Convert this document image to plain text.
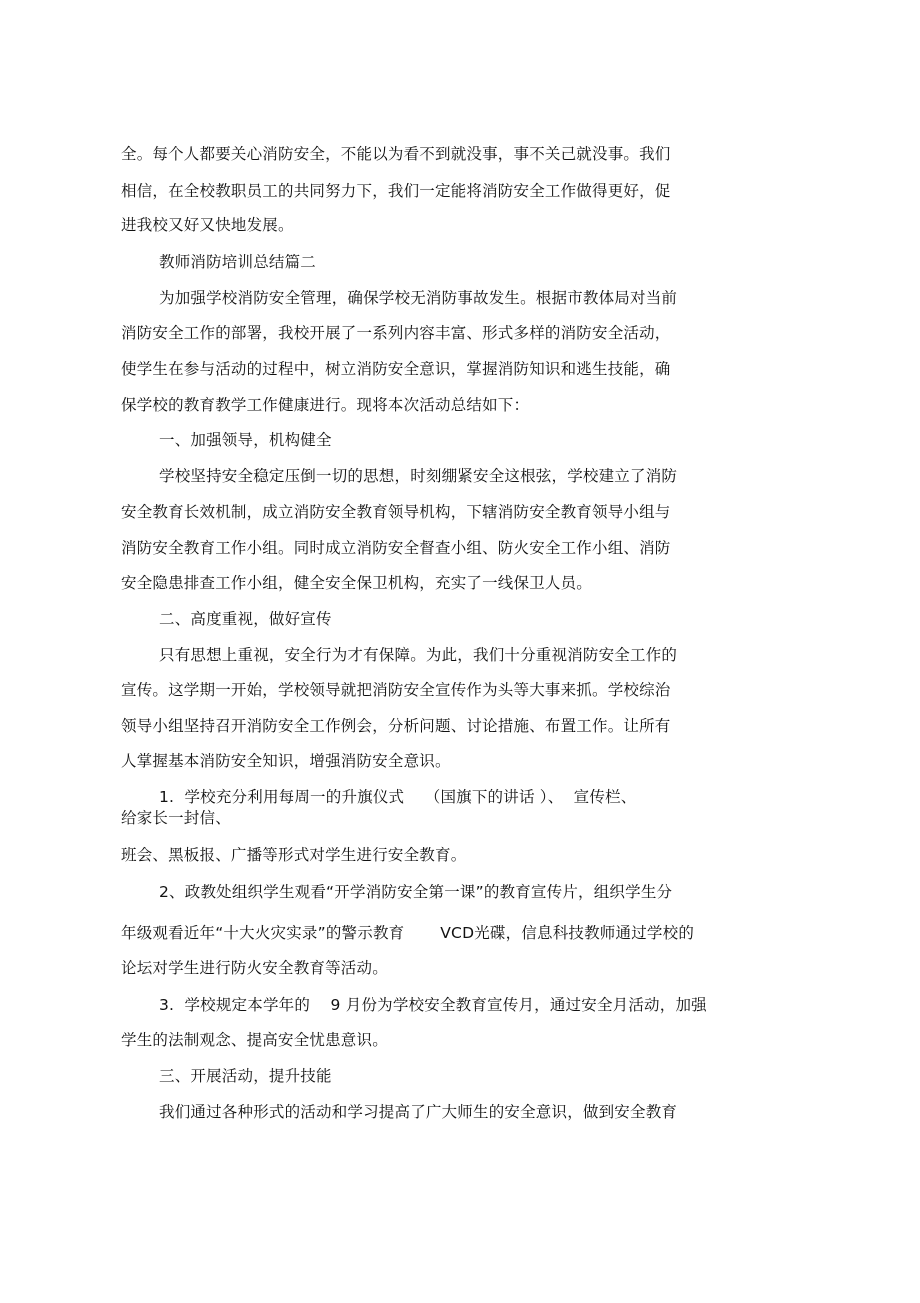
全。每个人都要关心消防安全，不能以为看不到就没事，事不关己就没事。我们
相信，在全校教职员工的共同努力下，我们一定能将消防安全工作做得更好，促
进我校又好又快地发展。
教师消防培训总结篇二
为加强学校消防安全管理，确保学校无消防事故发生。根据市教体局对当前
消防安全工作的部署，我校开展了一系列内容丰富、形式多样的消防安全活动，
使学生在参与活动的过程中，树立消防安全意识，掌握消防知识和逃生技能，确
保学校的教育教学工作健康进行。现将本次活动总结如下：
一、加强领导，机构健全
学校坚持安全稳定压倒一切的思想，时刻绷紧安全这根弦，学校建立了消防
安全教育长效机制，成立消防安全教育领导机构，下辖消防安全教育领导小组与
消防安全教育工作小组。同时成立消防安全督查小组、防火安全工作小组、消防
安全隐患排查工作小组，健全安全保卫机构，充实了一线保卫人员。
二、高度重视，做好宣传
只有思想上重视，安全行为才有保障。为此，我们十分重视消防安全工作的
宣传。这学期一开始，学校领导就把消防安全宣传作为头等大事来抓。学校综治
领导小组坚持召开消防安全工作例会，分析问题、讨论措施、布置工作。让所有
人掌握基本消防安全知识，增强消防安全意识。
1.  学校充分利用每周一的升旗仪式    （国旗下的讲话 ）、  宣传栏、
给家长一封信、
班会、黑板报、广播等形式对学生进行安全教育。
2、政教处组织学生观看“开学消防安全第一课”的教育宣传片，组织学生分
年级观看近年“十大火灾实录”的警示教育       VCD光碟，信息科技教师通过学校的
论坛对学生进行防火安全教育等活动。
3.  学校规定本学年的    9 月份为学校安全教育宣传月，通过安全月活动，加强
学生的法制观念、提高安全忧患意识。
三、开展活动，提升技能
我们通过各种形式的活动和学习提高了广大师生的安全意识，做到安全教育
